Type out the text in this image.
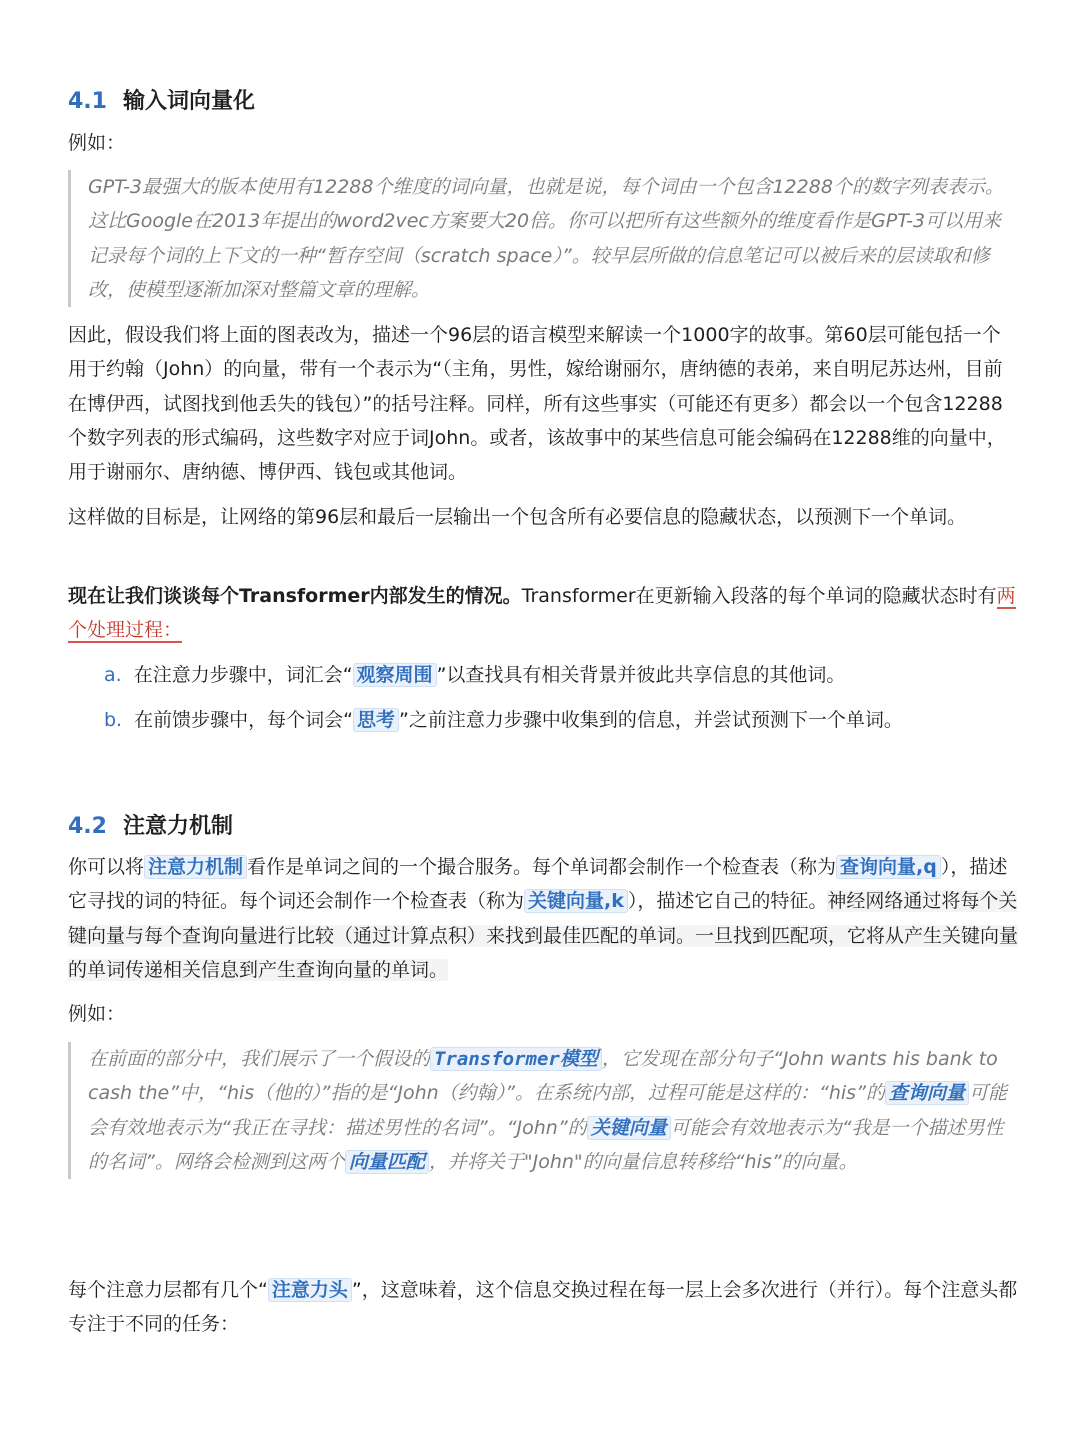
4.1 输入词向量化
例如：
GPT-3最强大的版本使用有12288个维度的词向量，也就是说，每个词由一个包含12288个的数字列表表示。这比Google在2013年提出的word2vec方案要大20倍。你可以把所有这些额外的维度看作是GPT-3可以用来记录每个词的上下文的一种“暂存空间（scratch space）”。较早层所做的信息笔记可以被后来的层读取和修改，使模型逐渐加深对整篇文章的理解。
因此，假设我们将上面的图表改为，描述一个96层的语言模型来解读一个1000字的故事。第60层可能包括一个用于约翰（John）的向量，带有一个表示为“（主角，男性，嫁给谢丽尔，唐纳德的表弟，来自明尼苏达州，目前在博伊西，试图找到他丢失的钱包）”的括号注释。同样，所有这些事实（可能还有更多）都会以一个包含12288个数字列表的形式编码，这些数字对应于词John。或者，该故事中的某些信息可能会编码在12288维的向量中，用于谢丽尔、唐纳德、博伊西、钱包或其他词。
这样做的目标是，让网络的第96层和最后一层输出一个包含所有必要信息的隐藏状态，以预测下一个单词。
现在让我们谈谈每个Transformer内部发生的情况。Transformer在更新输入段落的每个单词的隐藏状态时有两个处理过程：
a. 在注意力步骤中，词汇会“ 观察周围 ”以查找具有相关背景并彼此共享信息的其他词。
b. 在前馈步骤中，每个词会“ 思考 ”之前注意力步骤中收集到的信息，并尝试预测下一个单词。
4.2 注意力机制
你可以将 注意力机制 看作是单词之间的一个撮合服务。每个单词都会制作一个检查表（称为 查询向量,q ），描述它寻找的词的特征。每个词还会制作一个检查表（称为 关键向量,k ），描述它自己的特征。神经网络通过将每个关键向量与每个查询向量进行比较（通过计算点积）来找到最佳匹配的单词。一旦找到匹配项，它将从产生关键向量的单词传递相关信息到产生查询向量的单词。
例如：
在前面的部分中，我们展示了一个假设的 Transformer模型 ，它发现在部分句子“John wants his bank to cash the”中，“his（他的）”指的是“John（约翰）”。在系统内部，过程可能是这样的：“his”的 查询向量 可能会有效地表示为“我正在寻找：描述男性的名词”。“John”的 关键向量 可能会有效地表示为“我是一个描述男性的名词”。网络会检测到这两个 向量匹配 ，并将关于"John"的向量信息转移给“his”的向量。
每个注意力层都有几个“ 注意力头 ”，这意味着，这个信息交换过程在每一层上会多次进行（并行）。每个注意头都专注于不同的任务：
